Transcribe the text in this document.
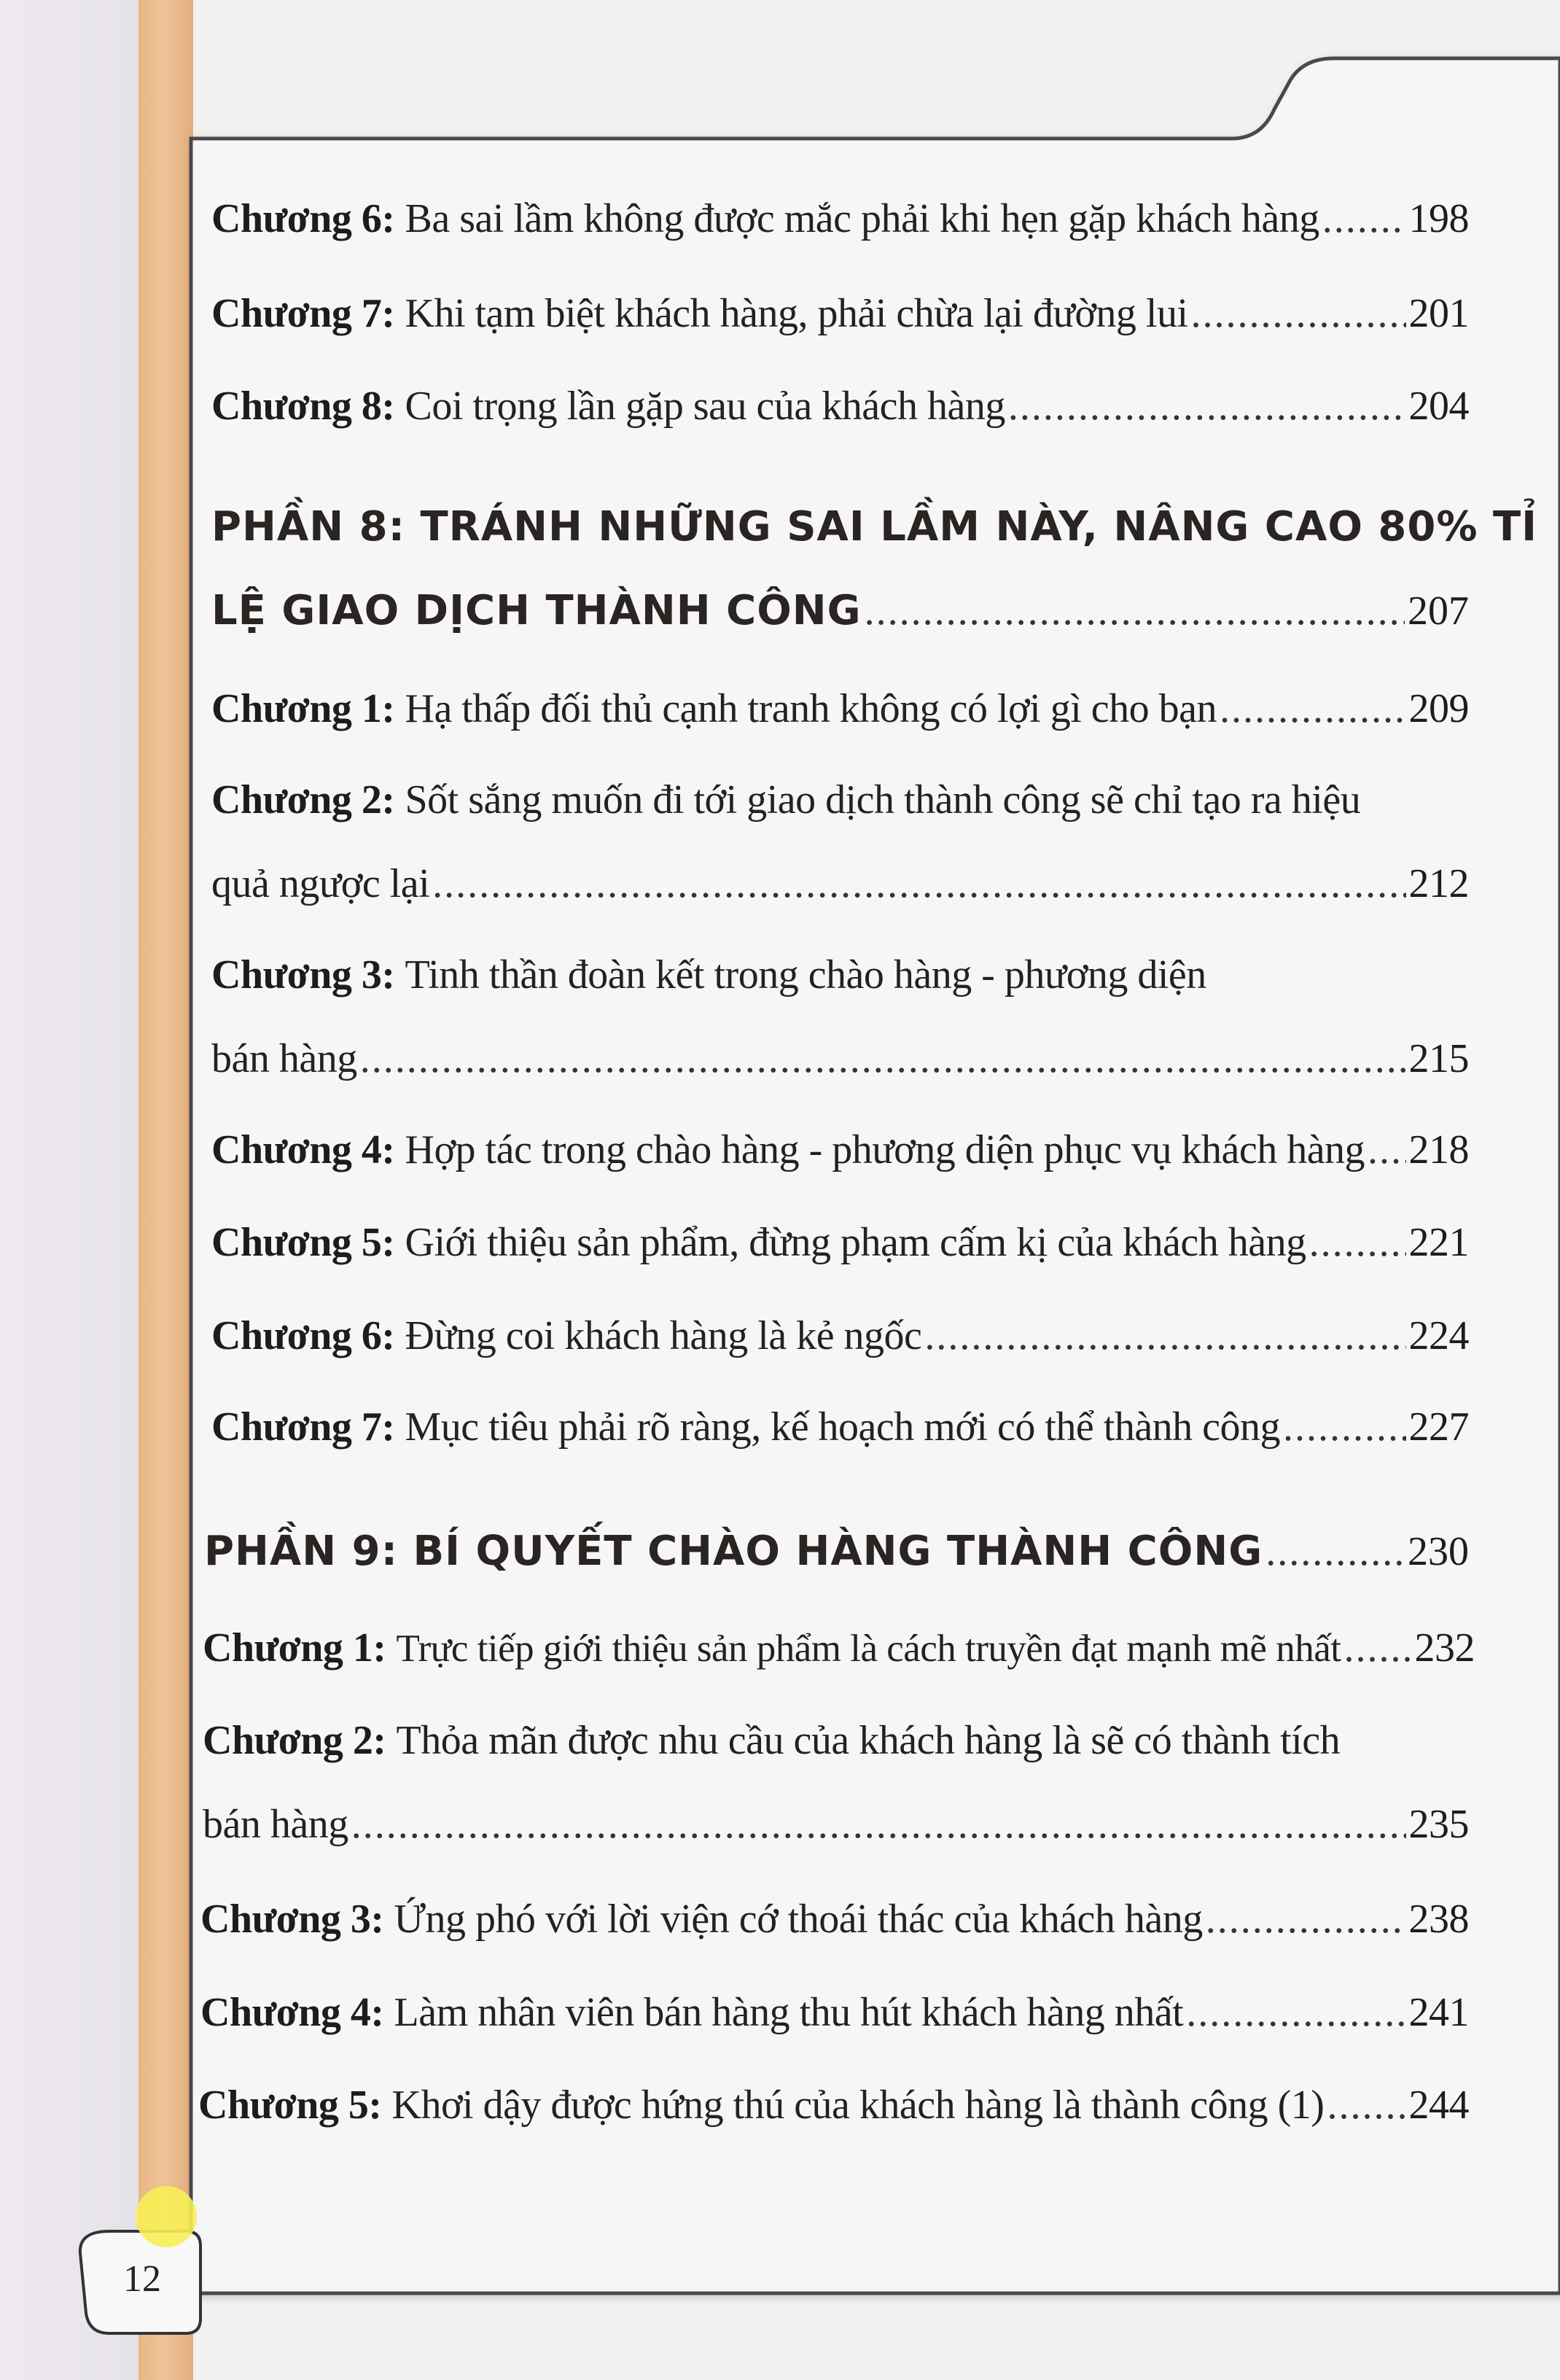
Chương 6: Ba sai lầm không được mắc phải khi hẹn gặp khách hàng ..... 198
Chương 7: Khi tạm biệt khách hàng, phải chừa lại đường lui .....	201
Chương 8: Coi trọng lần gặp sau của khách hàng .....	204
PHẦN 8: TRÁNH NHỮNG SAI LẦM NÀY, NÂNG CAO 80% TỈ
LỆ GIAO DỊCH THÀNH CÔNG .....	207
Chương 1: Hạ thấp đối thủ cạnh tranh không có lợi gì cho bạn .....	209
Chương 2: Sốt sắng muốn đi tới giao dịch thành công sẽ chỉ tạo ra hiệu
quả ngược lại .....	212
Chương 3: Tinh thần đoàn kết trong chào hàng - phương diện
bán hàng .....	215
Chương 4: Hợp tác trong chào hàng - phương diện phục vụ khách hàng ..... 218
Chương 5: Giới thiệu sản phẩm, đừng phạm cấm kị của khách hàng .....	221
Chương 6: Đừng coi khách hàng là kẻ ngốc .....	224
Chương 7: Mục tiêu phải rõ ràng, kế hoạch mới có thể thành công .....	227
PHẦN 9: BÍ QUYẾT CHÀO HÀNG THÀNH CÔNG .....	230
Chương 1: Trực tiếp giới thiệu sản phẩm là cách truyền đạt mạnh mẽ nhất ..... 232
Chương 2: Thỏa mãn được nhu cầu của khách hàng là sẽ có thành tích
bán hàng .....	235
Chương 3: Ứng phó với lời viện cớ thoái thác của khách hàng .....	238
Chương 4: Làm nhân viên bán hàng thu hút khách hàng nhất .....	241
Chương 5: Khơi dậy được hứng thú của khách hàng là thành công (1) ..... 244
12
